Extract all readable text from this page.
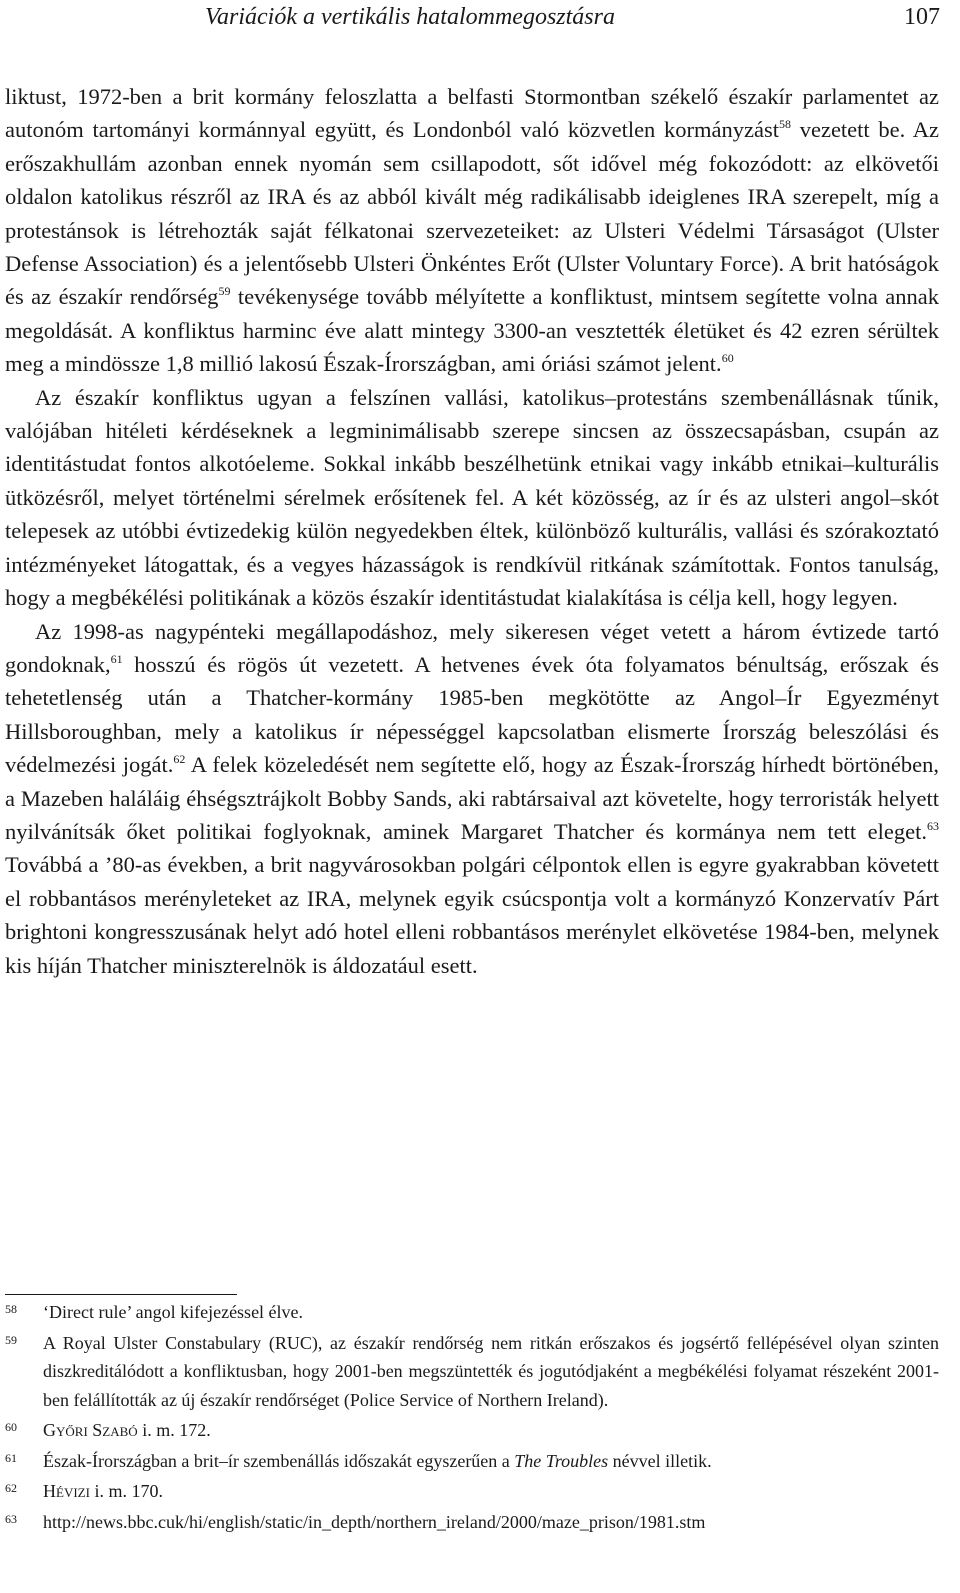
Variációk a vertikális hatalommegosztásra	107

liktust, 1972-ben a brit kormány feloszlatta a belfasti Stormontban székelő északír parlamentet az autonóm tartományi kormánnyal együtt, és Londonból való közvetlen kormányzást$^{58}$ vezetett be. Az erőszakhullám azonban ennek nyomán sem csillapodott, sőt idővel még fokozódott: az elkövetői oldalon katolikus részről az IRA és az abból kivált még radikálisabb ideiglenes IRA szerepelt, míg a protestánsok is létrehozták saját félkatonai szervezeteiket: az Ulsteri Védelmi Társaságot (Ulster Defense Association) és a jelentősebb Ulsteri Önkéntes Erőt (Ulster Voluntary Force). A brit hatóságok és az északír rendőrség$^{59}$ tevékenysége tovább mélyítette a konfliktust, mintsem segítette volna annak megoldását. A konfliktus harminc éve alatt mintegy 3300-an vesztették életüket és 42 ezren sérültek meg a mindössze 1,8 millió lakosú Észak-Írországban, ami óriási számot jelent.$^{60}$

Az északír konfliktus ugyan a felszínen vallási, katolikus–protestáns szembenállásnak tűnik, valójában hitéleti kérdéseknek a legminimálisabb szerepe sincsen az összecsapásban, csupán az identitástudat fontos alkotóeleme. Sokkal inkább beszélhetünk etnikai vagy inkább etnikai–kulturális ütközésről, melyet történelmi sérelmek erősítenek fel. A két közösség, az ír és az ulsteri angol–skót telepesek az utóbbi évtizedekig külön negyedekben éltek, különböző kulturális, vallási és szórakoztató intézményeket látogattak, és a vegyes házasságok is rendkívül ritkának számítottak. Fontos tanulság, hogy a megbékélési politikának a közös északír identitástudat kialakítása is célja kell, hogy legyen.

Az 1998-as nagypénteki megállapodáshoz, mely sikeresen véget vetett a három évtizede tartó gondoknak,$^{61}$ hosszú és rögös út vezetett. A hetvenes évek óta folyamatos bénultság, erőszak és tehetetlenség után a Thatcher-kormány 1985-ben megkötötte az Angol–Ír Egyezményt Hillsboroughban, mely a katolikus ír népességgel kapcsolatban elismerte Írország beleszólási és védelmezési jogát.$^{62}$ A felek közeledését nem segítette elő, hogy az Észak-Írország hírhedt börtönében, a Mazeben haláláig éhségsztrájkolt Bobby Sands, aki rabtársaival azt követelte, hogy terroristák helyett nyilvánítsák őket politikai foglyoknak, aminek Margaret Thatcher és kormánya nem tett eleget.$^{63}$ Továbbá a ’80-as években, a brit nagyvárosokban polgári célpontok ellen is egyre gyakrabban követett el robbantásos merényleteket az IRA, melynek egyik csúcspontja volt a kormányzó Konzervatív Párt brightoni kongresszusának helyt adó hotel elleni robbantásos merénylet elkövetése 1984-ben, melynek kis híján Thatcher miniszterelnök is áldozatául esett.

58 ‘Direct rule’ angol kifejezéssel élve.
59 A Royal Ulster Constabulary (RUC), az északír rendőrség nem ritkán erőszakos és jogsértő fellépésével olyan szinten diszkreditálódott a konfliktusban, hogy 2001-ben megszüntették és jogutódjaként a megbékélési folyamat részeként 2001-ben felállították az új északír rendőrséget (Police Service of Northern Ireland).
60 Győri Szabó i. m. 172.
61 Észak-Írországban a brit–ír szembenállás időszakát egyszerűen a The Troubles névvel illetik.
62 Hévizi i. m. 170.
63 http://news.bbc.cuk/hi/english/static/in_depth/northern_ireland/2000/maze_prison/1981.stm
